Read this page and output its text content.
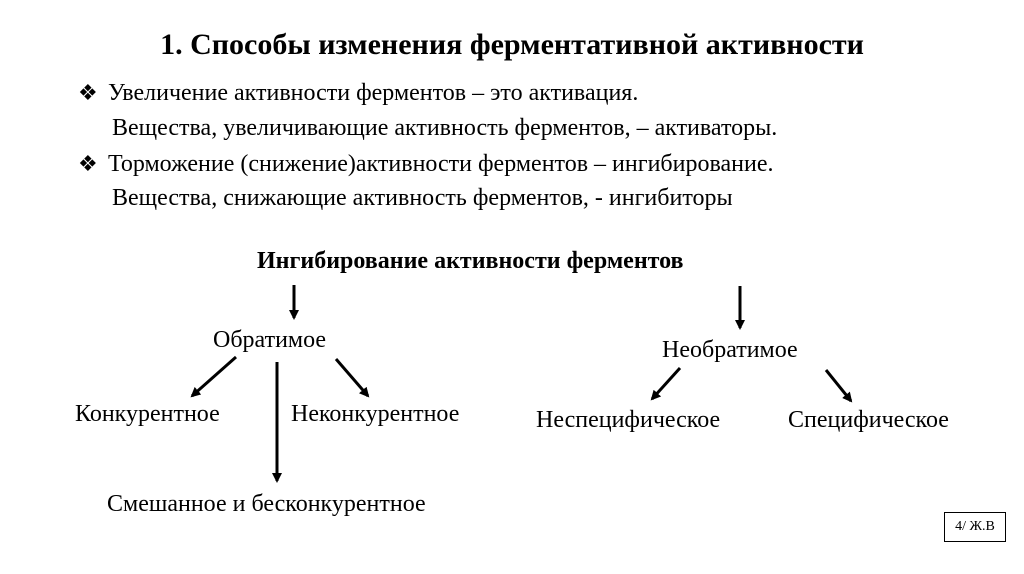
1. Способы изменения ферментативной активности
❖ Увеличение активности ферментов – это активация.
Вещества, увеличивающие активность ферментов, – активаторы.
❖ Торможение (снижение)активности ферментов – ингибирование.
Вещества, снижающие активность ферментов, - ингибиторы
Ингибирование активности ферментов
Обратимое	Необратимое
Конкурентное	Неконкурентное	Неспецифическое	Специфическое
Смешанное и бесконкурентное
4/ Ж.В
